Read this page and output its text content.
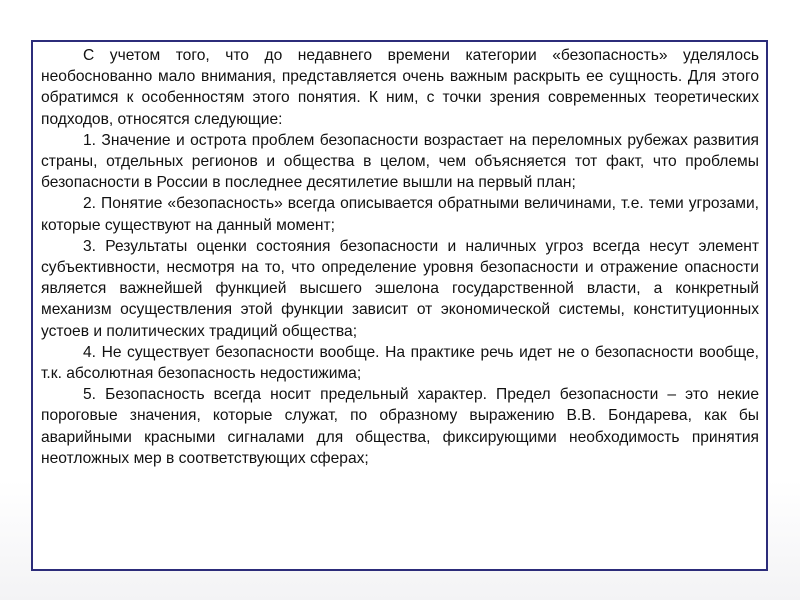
С учетом того, что до недавнего времени категории «безопасность» уделялось необоснованно мало внимания, представляется очень важным раскрыть ее сущность. Для этого обратимся к особенностям этого понятия. К ним, с точки зрения современных теоретических подходов, относятся следующие:

1. Значение и острота проблем безопасности возрастает на переломных рубежах развития страны, отдельных регионов и общества в целом, чем объясняется тот факт, что проблемы безопасности в России в последнее десятилетие вышли на первый план;

2. Понятие «безопасность» всегда описывается обратными величинами, т.е. теми угрозами, которые существуют на данный момент;

3. Результаты оценки состояния безопасности и наличных угроз всегда несут элемент субъективности, несмотря на то, что определение уровня безопасности и отражение опасности является важнейшей функцией высшего эшелона государственной власти, а конкретный механизм осуществления этой функции зависит от экономической системы, конституционных устоев и политических традиций общества;

4. Не существует безопасности вообще. На практике речь идет не о безопасности вообще, т.к. абсолютная безопасность недостижима;

5. Безопасность всегда носит предельный характер. Предел безопасности – это некие пороговые значения, которые служат, по образному выражению В.В. Бондарева, как бы аварийными красными сигналами для общества, фиксирующими необходимость принятия неотложных мер в соответствующих сферах;
